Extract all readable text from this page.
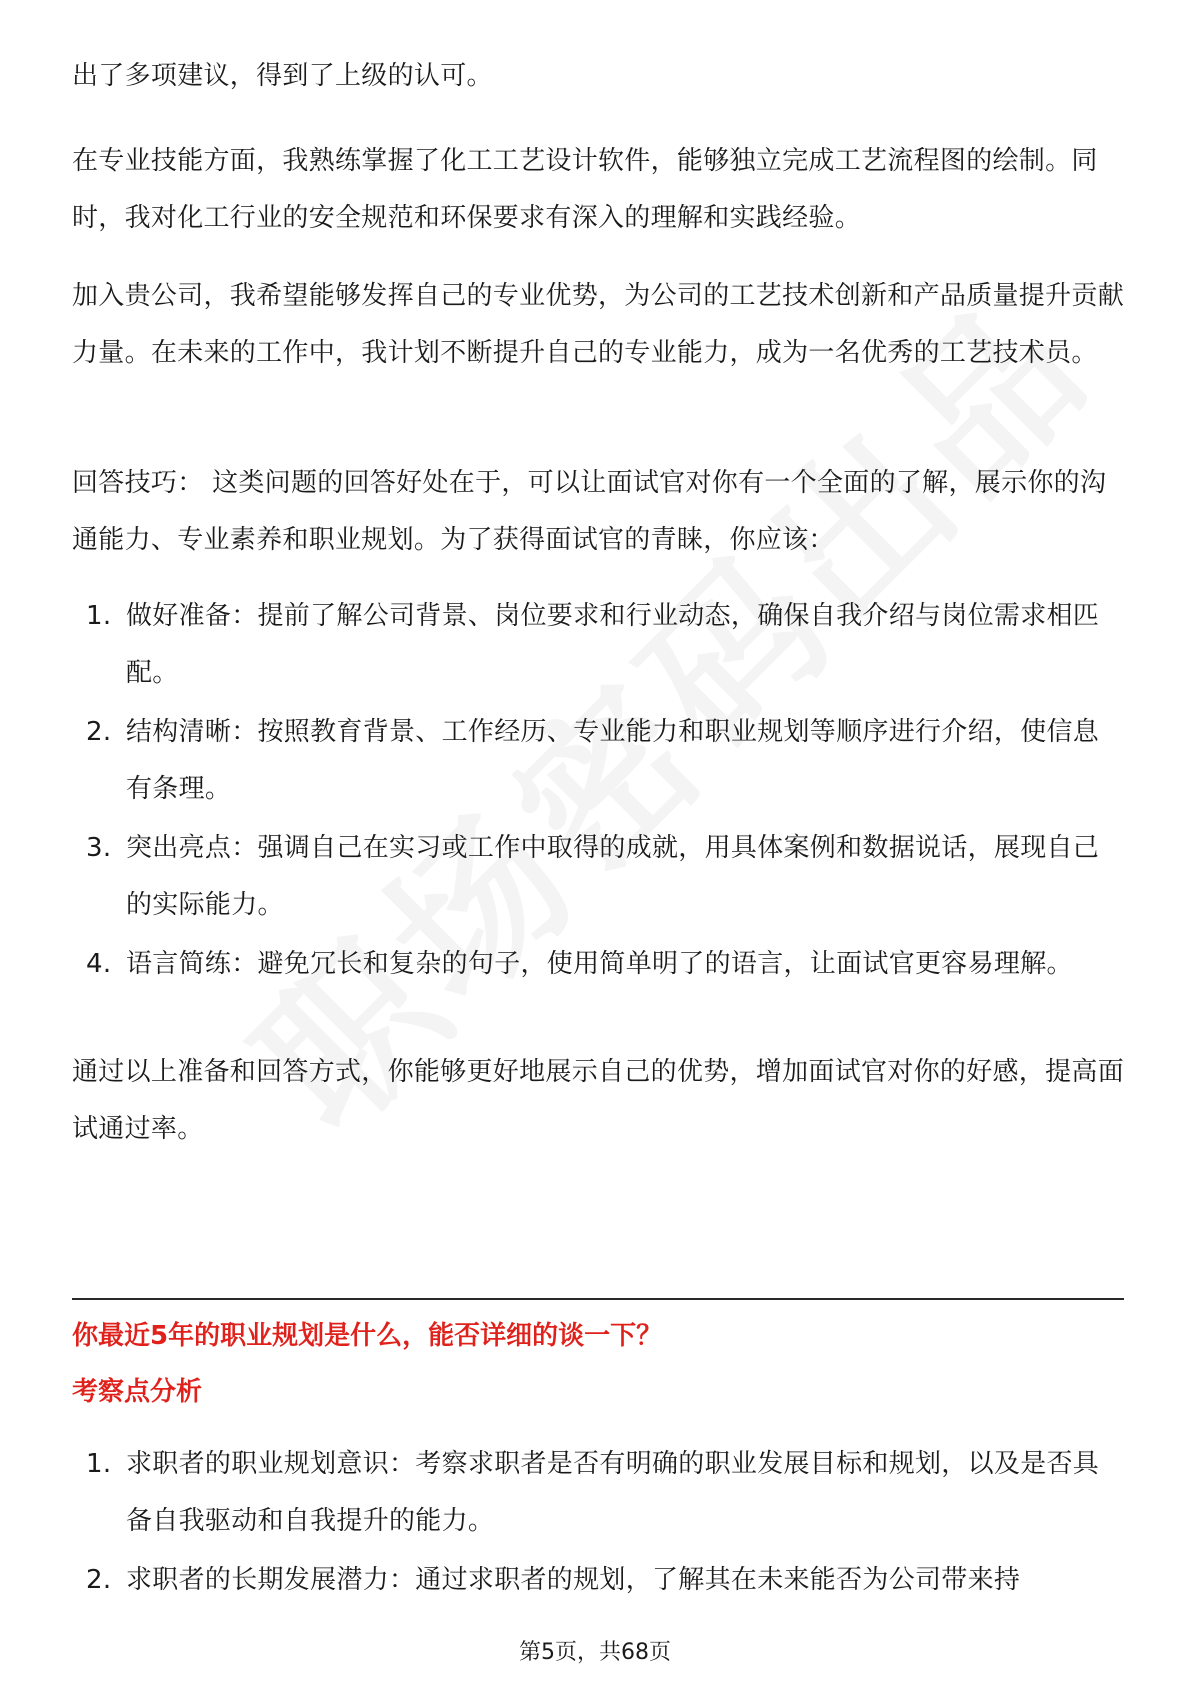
出了多项建议，得到了上级的认可。

在专业技能方面，我熟练掌握了化工工艺设计软件，能够独立完成工艺流程图的绘制。同时，我对化工行业的安全规范和环保要求有深入的理解和实践经验。

加入贵公司，我希望能够发挥自己的专业优势，为公司的工艺技术创新和产品质量提升贡献力量。在未来的工作中，我计划不断提升自己的专业能力，成为一名优秀的工艺技术员。

回答技巧： 这类问题的回答好处在于，可以让面试官对你有一个全面的了解，展示你的沟通能力、专业素养和职业规划。为了获得面试官的青睐，你应该：

1. 做好准备：提前了解公司背景、岗位要求和行业动态，确保自我介绍与岗位需求相匹配。
2. 结构清晰：按照教育背景、工作经历、专业能力和职业规划等顺序进行介绍，使信息有条理。
3. 突出亮点：强调自己在实习或工作中取得的成就，用具体案例和数据说话，展现自己的实际能力。
4. 语言简练：避免冗长和复杂的句子，使用简单明了的语言，让面试官更容易理解。

通过以上准备和回答方式，你能够更好地展示自己的优势，增加面试官对你的好感，提高面试通过率。

你最近5年的职业规划是什么，能否详细的谈一下？

考察点分析

1. 求职者的职业规划意识：考察求职者是否有明确的职业发展目标和规划，以及是否具备自我驱动和自我提升的能力。
2. 求职者的长期发展潜力：通过求职者的规划，了解其在未来能否为公司带来持
第5页，共68页
